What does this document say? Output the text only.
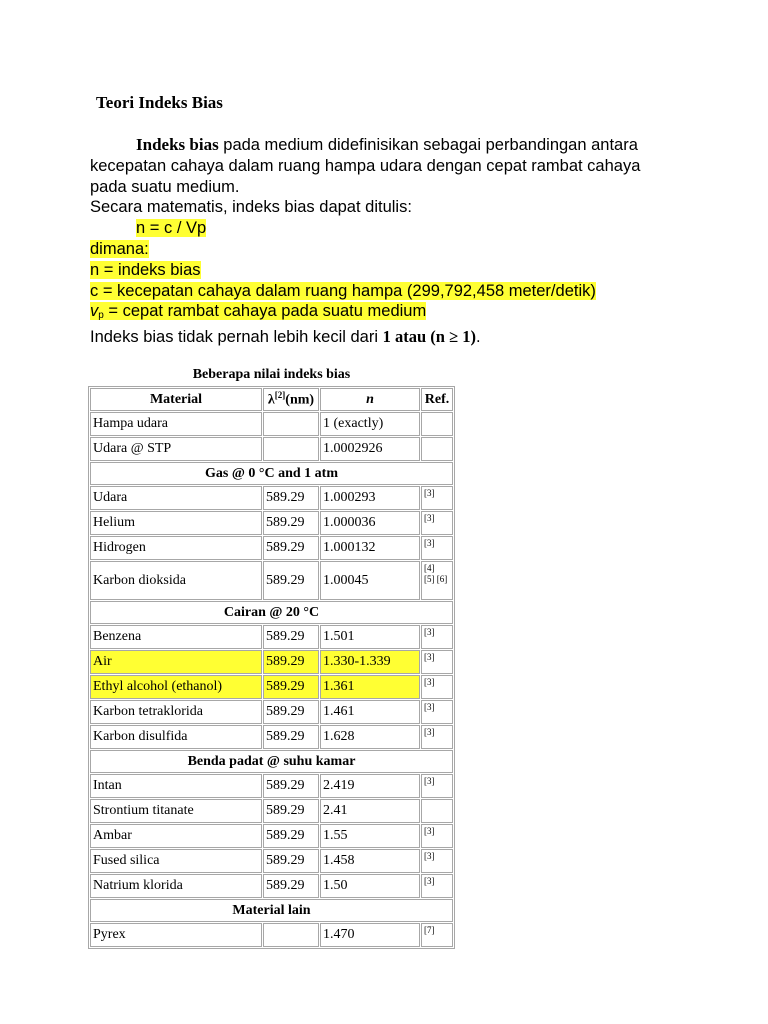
Teori Indeks Bias

Indeks bias pada medium didefinisikan sebagai perbandingan antara kecepatan cahaya dalam ruang hampa udara dengan cepat rambat cahaya pada suatu medium.

Secara matematis, indeks bias dapat ditulis:

n = c / Vp

dimana:

n = indeks bias

c = kecepatan cahaya dalam ruang hampa (299,792,458 meter/detik)

vp = cepat rambat cahaya pada suatu medium

Indeks bias tidak pernah lebih kecil dari 1 atau (n ≥ 1).

Beberapa nilai indeks bias
Material	λ[2](nm)	n	Ref.
Hampa udara		1 (exactly)	
Udara @ STP		1.0002926	
Gas @ 0 °C and 1 atm			
Udara	589.29	1.000293	[3]
Helium	589.29	1.000036	[3]
Hidrogen	589.29	1.000132	[3]
Karbon dioksida	589.29	1.00045	[4]
[5] [6]
Cairan @ 20 °C			
Benzena	589.29	1.501	[3]
Air	589.29	1.330-1.339	[3]
Ethyl alcohol (ethanol)	589.29	1.361	[3]
Karbon tetraklorida	589.29	1.461	[3]
Karbon disulfida	589.29	1.628	[3]
Benda padat @ suhu kamar			
Intan	589.29	2.419	[3]
Strontium titanate	589.29	2.41	
Ambar	589.29	1.55	[3]
Fused silica	589.29	1.458	[3]
Natrium klorida	589.29	1.50	[3]
Material lain			
Pyrex		1.470	[7]
